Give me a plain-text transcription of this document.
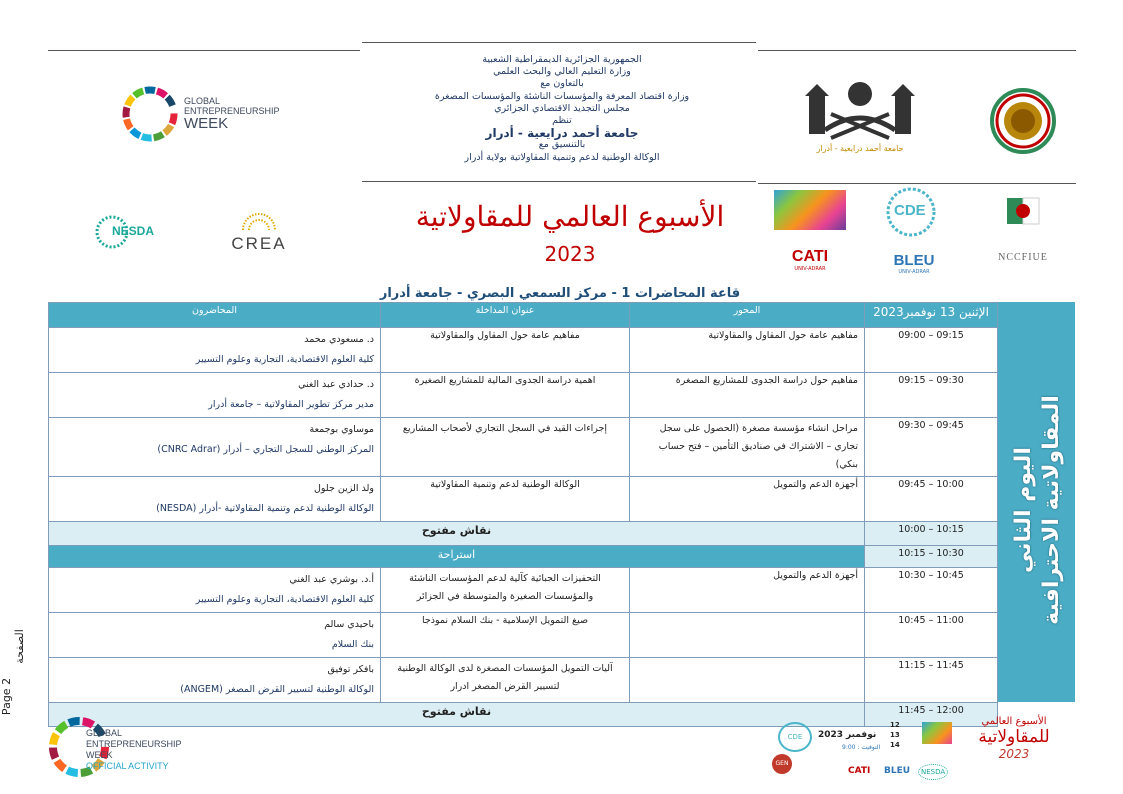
GLOBAL
ENTREPRENEURSHIP
WEEK
الجمهورية الجزائرية الديمقراطية الشعبية
وزارة التعليم العالي والبحث العلمي
بالتعاون مع
وزارة اقتصاد المعرفة والمؤسسات الناشئة والمؤسسات المصغرة
مجلس التجديد الاقتصادي الجزائري
تنظم
جامعة أحمد درايعية - أدرار
بالتنسيق مع
الوكالة الوطنية لدعم وتنمية المقاولاتية بولاية أدرار
جامعة أحمد درايعية - أدرار
NESDA
CREA
الأسبوع العالمي للمقاولاتية
2023	CATI
UNIV-ADRAR
CDE
BLEU
UNIV-ADRAR
NCCFIUE
قاعة المحاضرات 1 - مركز السمعي البصري - جامعة أدرار
الإثنين 13 نوفمبر2023	المحور	عنوان المداخلة	المحاضرون
09:00 – 09:15	مفاهيم عامة حول المقاول والمقاولاتية	مفاهيم عامة حول المقاول والمقاولاتية	د. مسعودي محمد
كلية العلوم الاقتصادية، التجارية وعلوم التسيير

09:15 – 09:30	مفاهيم حول دراسة الجدوى للمشاريع المصغرة	اهمية دراسة الجدوى المالية للمشاريع الصغيرة	د. حدادي عبد الغني
مدير مركز تطوير المقاولاتية – جامعة أدرار

09:30 – 09:45	مراحل انشاء مؤسسة مصغرة (الحصول على سجل تجاري – الاشتراك في صناديق التأمين – فتح حساب بنكي)	إجراءات القيد في السجل التجاري لأصحاب المشاريع	موساوي بوجمعة
المركز الوطني للسجل التجاري – أدرار (CNRC Adrar)

09:45 – 10:00	أجهزة الدعم والتمويل	الوكالة الوطنية لدعم وتنمية المقاولاتية	ولد الزين جلول
الوكالة الوطنية لدعم وتنمية المقاولاتية -أدرار (NESDA)

10:00 – 10:15	نقاش مفتوح		
10:15 – 10:30	استراحة		
10:30 – 10:45	أجهزة الدعم والتمويل	التحفيزات الجبائية كآلية لدعم المؤسسات الناشئة والمؤسسات الصغيرة والمتوسطة في الجزائر	أ.د. بوشري عبد الغني
كلية العلوم الاقتصادية، التجارية وعلوم التسيير

10:45 – 11:00		صيغ التمويل الإسلامية - بنك السلام نموذجا	باحيدي سالم
بنك السلام

11:15 – 11:45		آليات التمويل المؤسسات المصغرة لدى الوكالة الوطنية لتسيير القرض المصغر ادرار	بافكر توفيق
الوكالة الوطنية لتسيير القرض المصغر (ANGEM)

11:45 – 12:00	نقاش مفتوح		
اليوم الثاني المقاولاتية الاحترافية
Page 2
الصفحة
GLOBAL
ENTREPRENEURSHIP
WEEK
OFFICIAL ACTIVITY
CDE	2023 نوفمبر
12
13
14
التوقيت : 9:00
GEN
CATI BLEU	NESDA
الأسبوع العالمي
للمقاولاتية
2023
